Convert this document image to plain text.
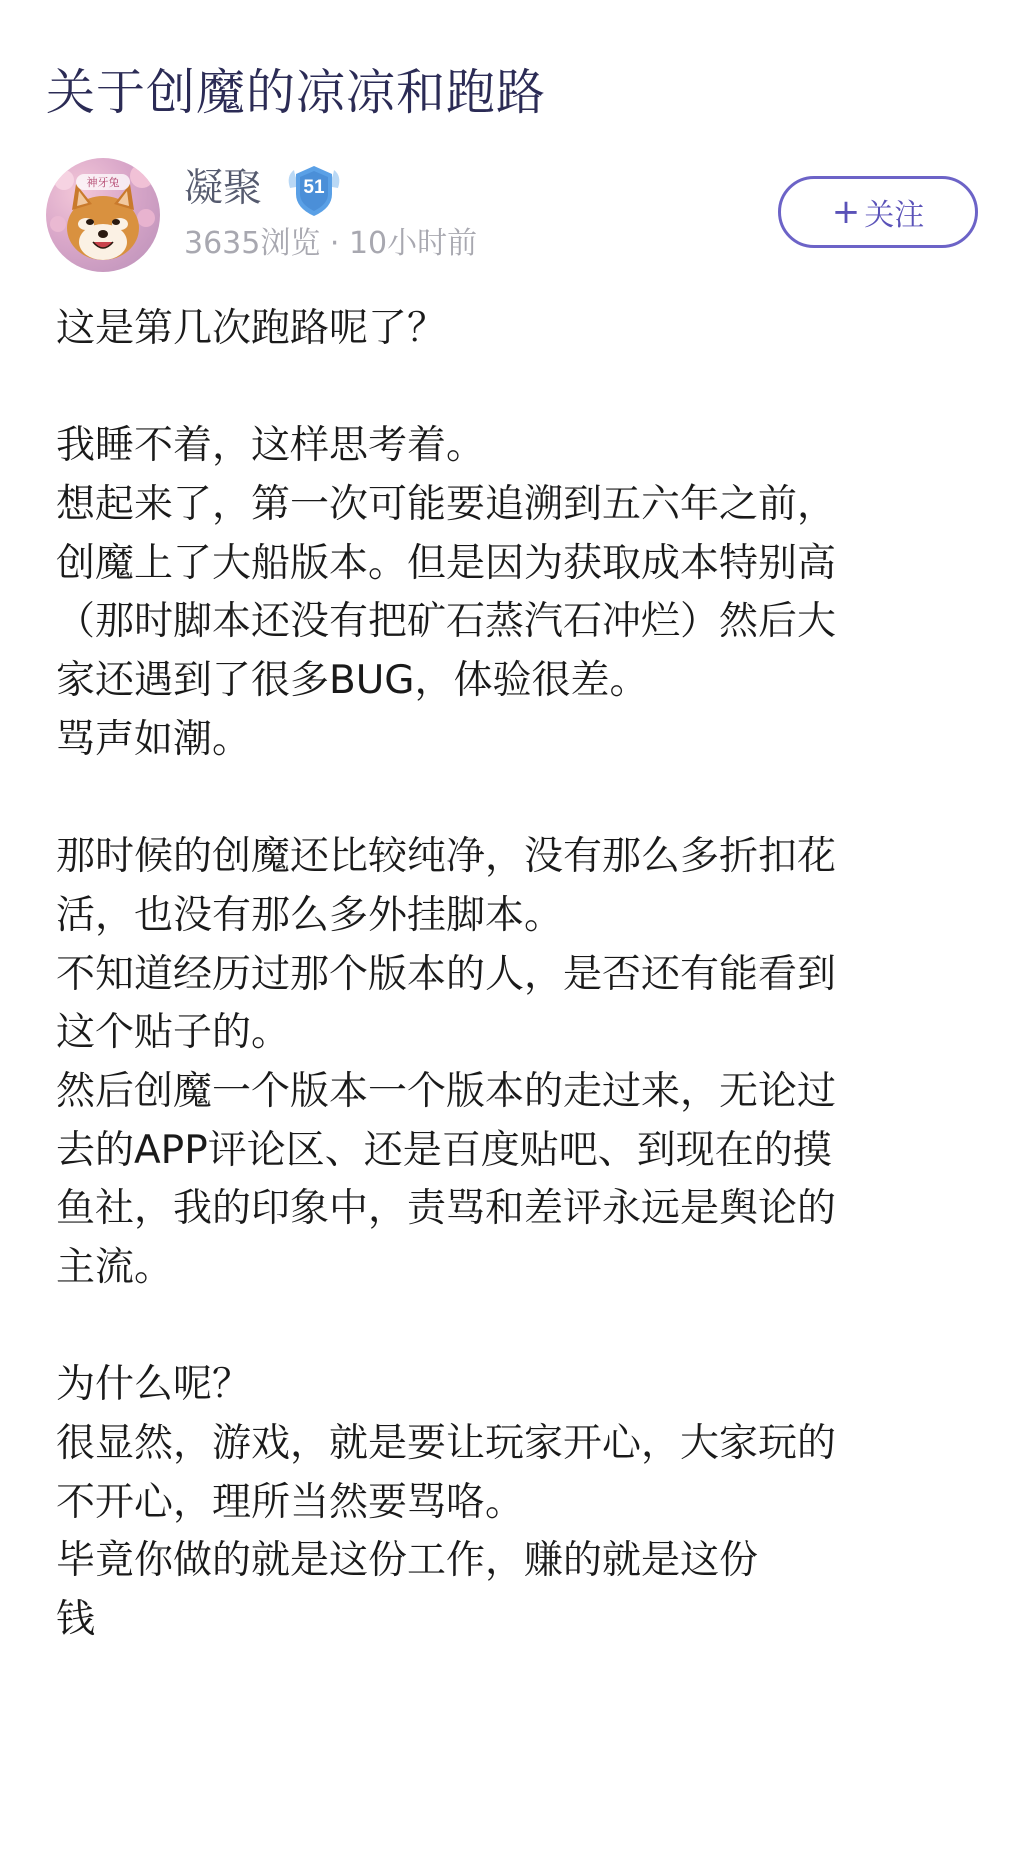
关于创魔的凉凉和跑路
神牙兔 凝聚	51
3635浏览 · 10小时前
+ 关注
这是第几次跑路呢了？
我睡不着，这样思考着。
想起来了，第一次可能要追溯到五六年之前，
创魔上了大船版本。但是因为获取成本特别高
（那时脚本还没有把矿石蒸汽石冲烂）然后大
家还遇到了很多BUG，体验很差。
骂声如潮。
那时候的创魔还比较纯净，没有那么多折扣花
活，也没有那么多外挂脚本。
不知道经历过那个版本的人，是否还有能看到
这个贴子的。
然后创魔一个版本一个版本的走过来，无论过
去的APP评论区、还是百度贴吧、到现在的摸
鱼社，我的印象中，责骂和差评永远是舆论的
主流。
为什么呢？
很显然，游戏，就是要让玩家开心，大家玩的
不开心，理所当然要骂咯。
毕竟你做的就是这份工作，赚的就是这份
钱
